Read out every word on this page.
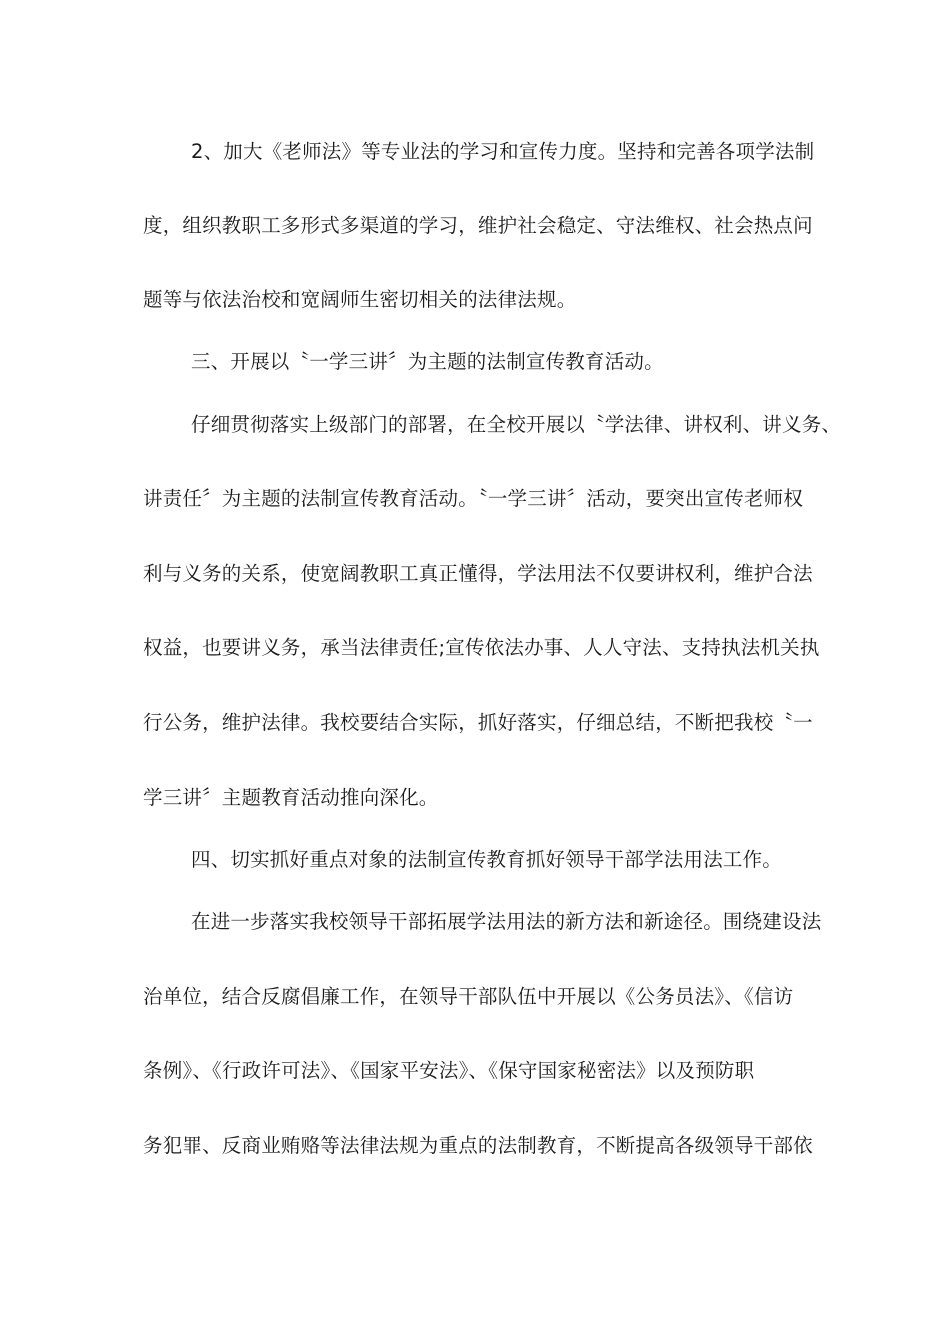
2、加大《老师法》等专业法的学习和宣传力度。坚持和完善各项学法制
度，组织教职工多形式多渠道的学习，维护社会稳定、守法维权、社会热点问
题等与依法治校和宽阔师生密切相关的法律法规。
三、开展以〝一学三讲〞为主题的法制宣传教育活动。
仔细贯彻落实上级部门的部署，在全校开展以〝学法律、讲权利、讲义务、
讲责任〞为主题的法制宣传教育活动。〝一学三讲〞活动，要突出宣传老师权
利与义务的关系，使宽阔教职工真正懂得，学法用法不仅要讲权利，维护合法
权益，也要讲义务，承当法律责任;宣传依法办事、人人守法、支持执法机关执
行公务，维护法律。我校要结合实际，抓好落实，仔细总结，不断把我校〝一
学三讲〞主题教育活动推向深化。
四、切实抓好重点对象的法制宣传教育抓好领导干部学法用法工作。
在进一步落实我校领导干部拓展学法用法的新方法和新途径。围绕建设法
治单位，结合反腐倡廉工作，在领导干部队伍中开展以《公务员法》、《信访
条例》、《行政许可法》、《国家平安法》、《保守国家秘密法》以及预防职
务犯罪、反商业贿赂等法律法规为重点的法制教育，不断提高各级领导干部依
